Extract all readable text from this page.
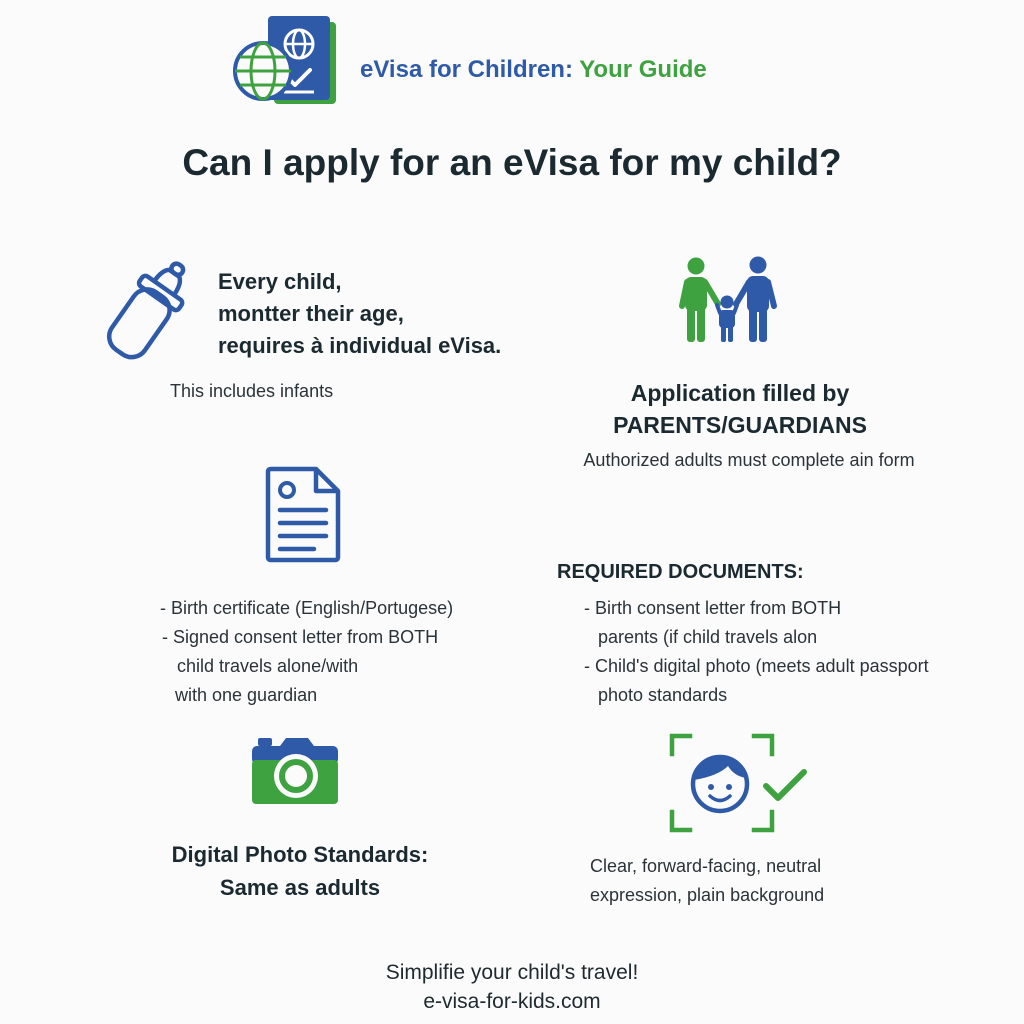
eVisa for Children: Your Guide
Can I apply for an eVisa for my child?
Every child,
montter their age,
requires à individual eVisa.
This includes infants	Application filled by
PARENTS/GUARDIANS
Authorized adults must complete ain form
- Birth certificate (English/Portugese)
- Signed consent letter from BOTH
child travels alone/with
with one guardian
REQUIRED DOCUMENTS:
- Birth consent letter from BOTH
parents (if child travels alon
- Child's digital photo (meets adult passport
photo standards
Digital Photo Standards:
Same as adults
Clear, forward-facing, neutral
expression, plain background
Simplifie your child's travel!
e-visa-for-kids.com
